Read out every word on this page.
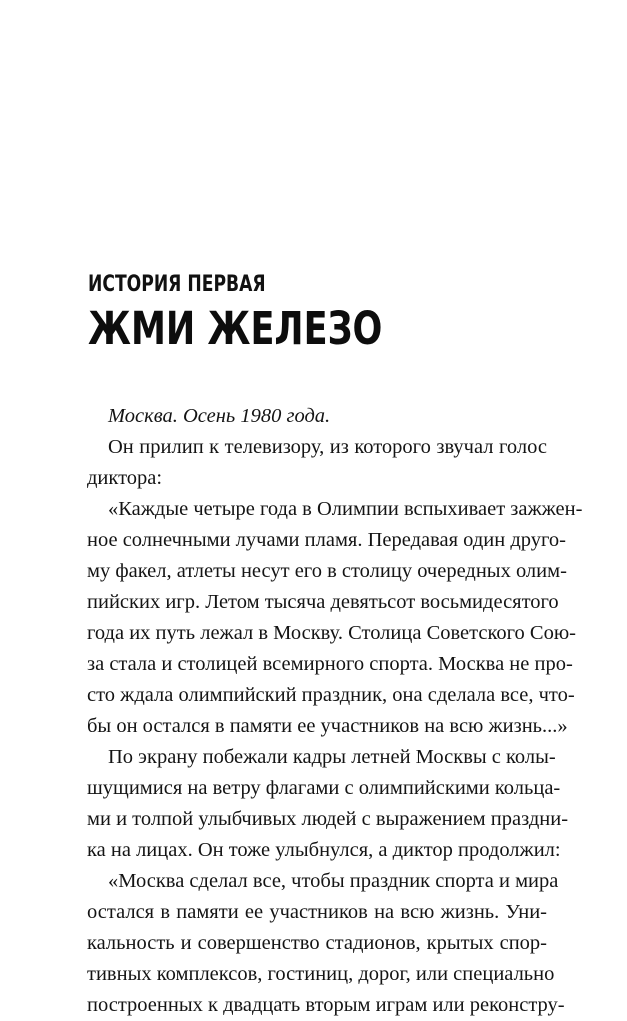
ИСТОРИЯ ПЕРВАЯ
ЖМИ ЖЕЛЕЗО
Москва. Осень 1980 года.
Он прилип к телевизору, из которого звучал голос
диктора:
«Каждые четыре года в Олимпии вспыхивает зажжен-
ное солнечными лучами пламя. Передавая один друго-
му факел, атлеты несут его в столицу очередных олим-
пийских игр. Летом тысяча девятьсот восьмидесятого
года их путь лежал в Москву. Столица Советского Сою-
за стала и столицей всемирного спорта. Москва не про-
сто ждала олимпийский праздник, она сделала все, что-
бы он остался в памяти ее участников на всю жизнь...»
По экрану побежали кадры летней Москвы с колы-
шущимися на ветру флагами с олимпийскими кольца-
ми и толпой улыбчивых людей с выражением праздни-
ка на лицах. Он тоже улыбнулся, а диктор продолжил:
«Москва сделал все, чтобы праздник спорта и мира
остался в памяти ее участников на всю жизнь. Уни-
кальность и совершенство стадионов, крытых спор-
тивных комплексов, гостиниц, дорог, или специально
построенных к двадцать вторым играм или реконстру-
